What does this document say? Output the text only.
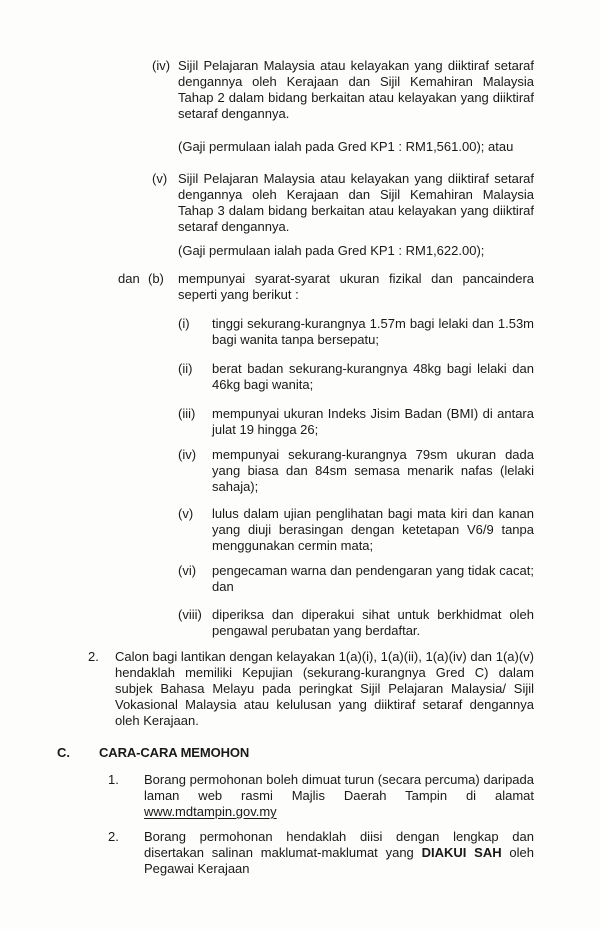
(iv) Sijil Pelajaran Malaysia atau kelayakan yang diiktiraf setaraf dengannya oleh Kerajaan dan Sijil Kemahiran Malaysia Tahap 2 dalam bidang berkaitan atau kelayakan yang diiktiraf setaraf dengannya.
(Gaji permulaan ialah pada Gred KP1 : RM1,561.00); atau
(v) Sijil Pelajaran Malaysia atau kelayakan yang diiktiraf setaraf dengannya oleh Kerajaan dan Sijil Kemahiran Malaysia Tahap 3 dalam bidang berkaitan atau kelayakan yang diiktiraf setaraf dengannya.
(Gaji permulaan ialah pada Gred KP1 : RM1,622.00);
dan (b)	mempunyai syarat-syarat ukuran fizikal dan pancaindera seperti yang berikut :
(i)	tinggi sekurang-kurangnya 1.57m bagi lelaki dan 1.53m bagi wanita tanpa bersepatu;
(ii)	berat badan sekurang-kurangnya 48kg bagi lelaki dan 46kg bagi wanita;
(iii)	mempunyai ukuran Indeks Jisim Badan (BMI) di antara julat 19 hingga 26;
(iv)	mempunyai sekurang-kurangnya 79sm ukuran dada yang biasa dan 84sm semasa menarik nafas (lelaki sahaja);
(v)	lulus dalam ujian penglihatan bagi mata kiri dan kanan yang diuji berasingan dengan ketetapan V6/9 tanpa menggunakan cermin mata;
(vi)	pengecaman warna dan pendengaran yang tidak cacat; dan
(viii) diperiksa dan diperakui sihat untuk berkhidmat oleh pengawal perubatan yang berdaftar.
2.	Calon bagi lantikan dengan kelayakan 1(a)(i), 1(a)(ii), 1(a)(iv) dan 1(a)(v) hendaklah memiliki Kepujian (sekurang-kurangnya Gred C) dalam subjek Bahasa Melayu pada peringkat Sijil Pelajaran Malaysia/ Sijil Vokasional Malaysia atau kelulusan yang diiktiraf setaraf dengannya oleh Kerajaan.
C.	CARA-CARA MEMOHON
1.	Borang permohonan boleh dimuat turun (secara percuma) daripada laman web rasmi Majlis Daerah Tampin di alamat
www.mdtampin.gov.my
2.	Borang permohonan hendaklah diisi dengan lengkap dan disertakan salinan maklumat-maklumat yang DIAKUI SAH oleh Pegawai Kerajaan
